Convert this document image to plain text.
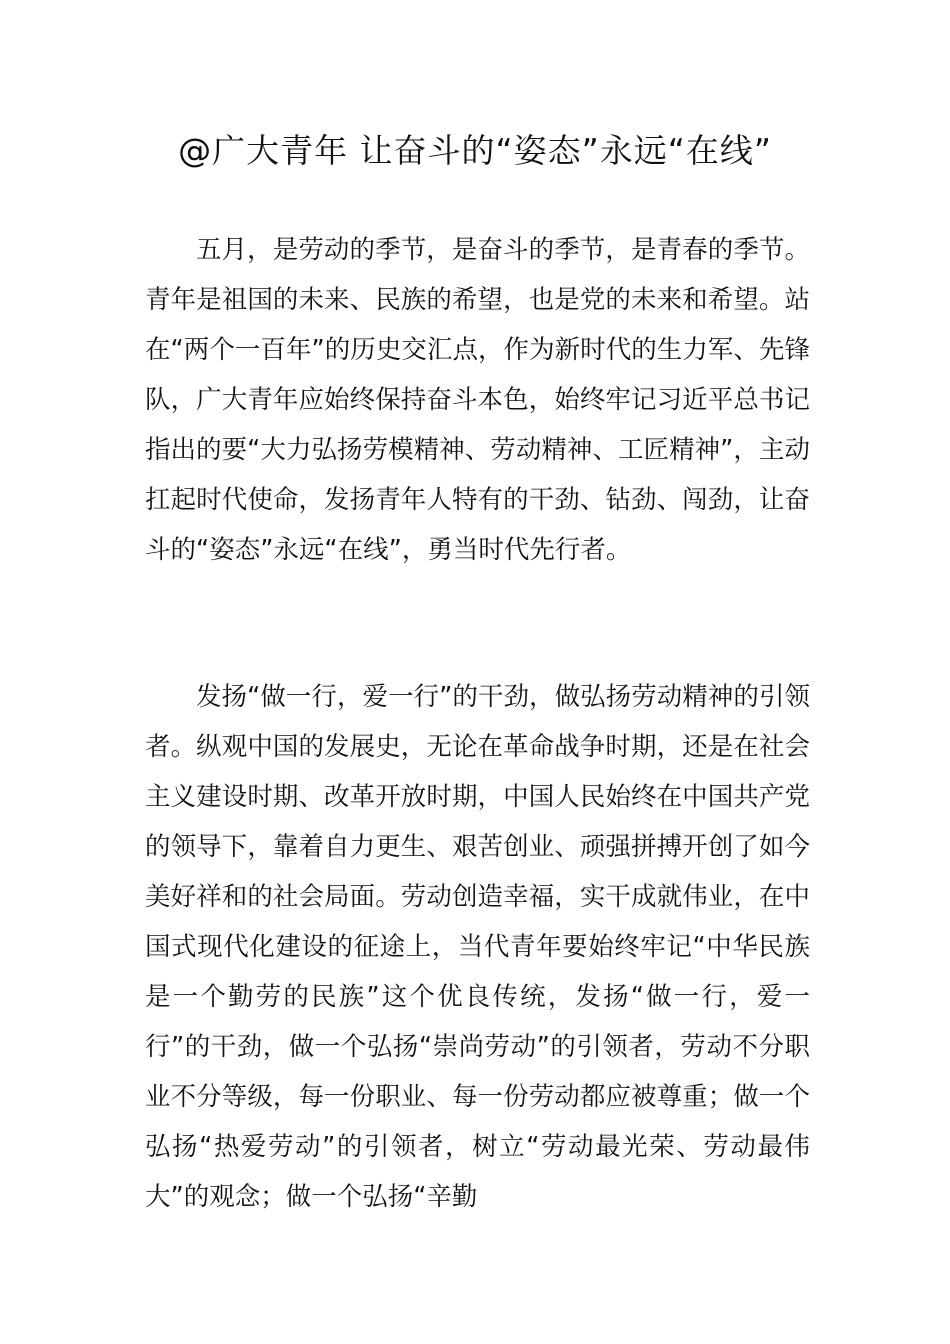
@广大青年 让奋斗的“姿态”永远“在线”

五月，是劳动的季节，是奋斗的季节，是青春的季节。青年是祖国的未来、民族的希望，也是党的未来和希望。站在“两个一百年”的历史交汇点，作为新时代的生力军、先锋队，广大青年应始终保持奋斗本色，始终牢记习近平总书记指出的要“大力弘扬劳模精神、劳动精神、工匠精神”，主动扛起时代使命，发扬青年人特有的干劲、钻劲、闯劲，让奋斗的“姿态”永远“在线”，勇当时代先行者。

发扬“做一行，爱一行”的干劲，做弘扬劳动精神的引领者。纵观中国的发展史，无论在革命战争时期，还是在社会主义建设时期、改革开放时期，中国人民始终在中国共产党的领导下，靠着自力更生、艰苦创业、顽强拼搏开创了如今美好祥和的社会局面。劳动创造幸福，实干成就伟业，在中国式现代化建设的征途上，当代青年要始终牢记“中华民族是一个勤劳的民族”这个优良传统，发扬“做一行，爱一行”的干劲，做一个弘扬“崇尚劳动”的引领者，劳动不分职业不分等级，每一份职业、每一份劳动都应被尊重；做一个弘扬“热爱劳动”的引领者，树立“劳动最光荣、劳动最伟大”的观念；做一个弘扬“辛勤
